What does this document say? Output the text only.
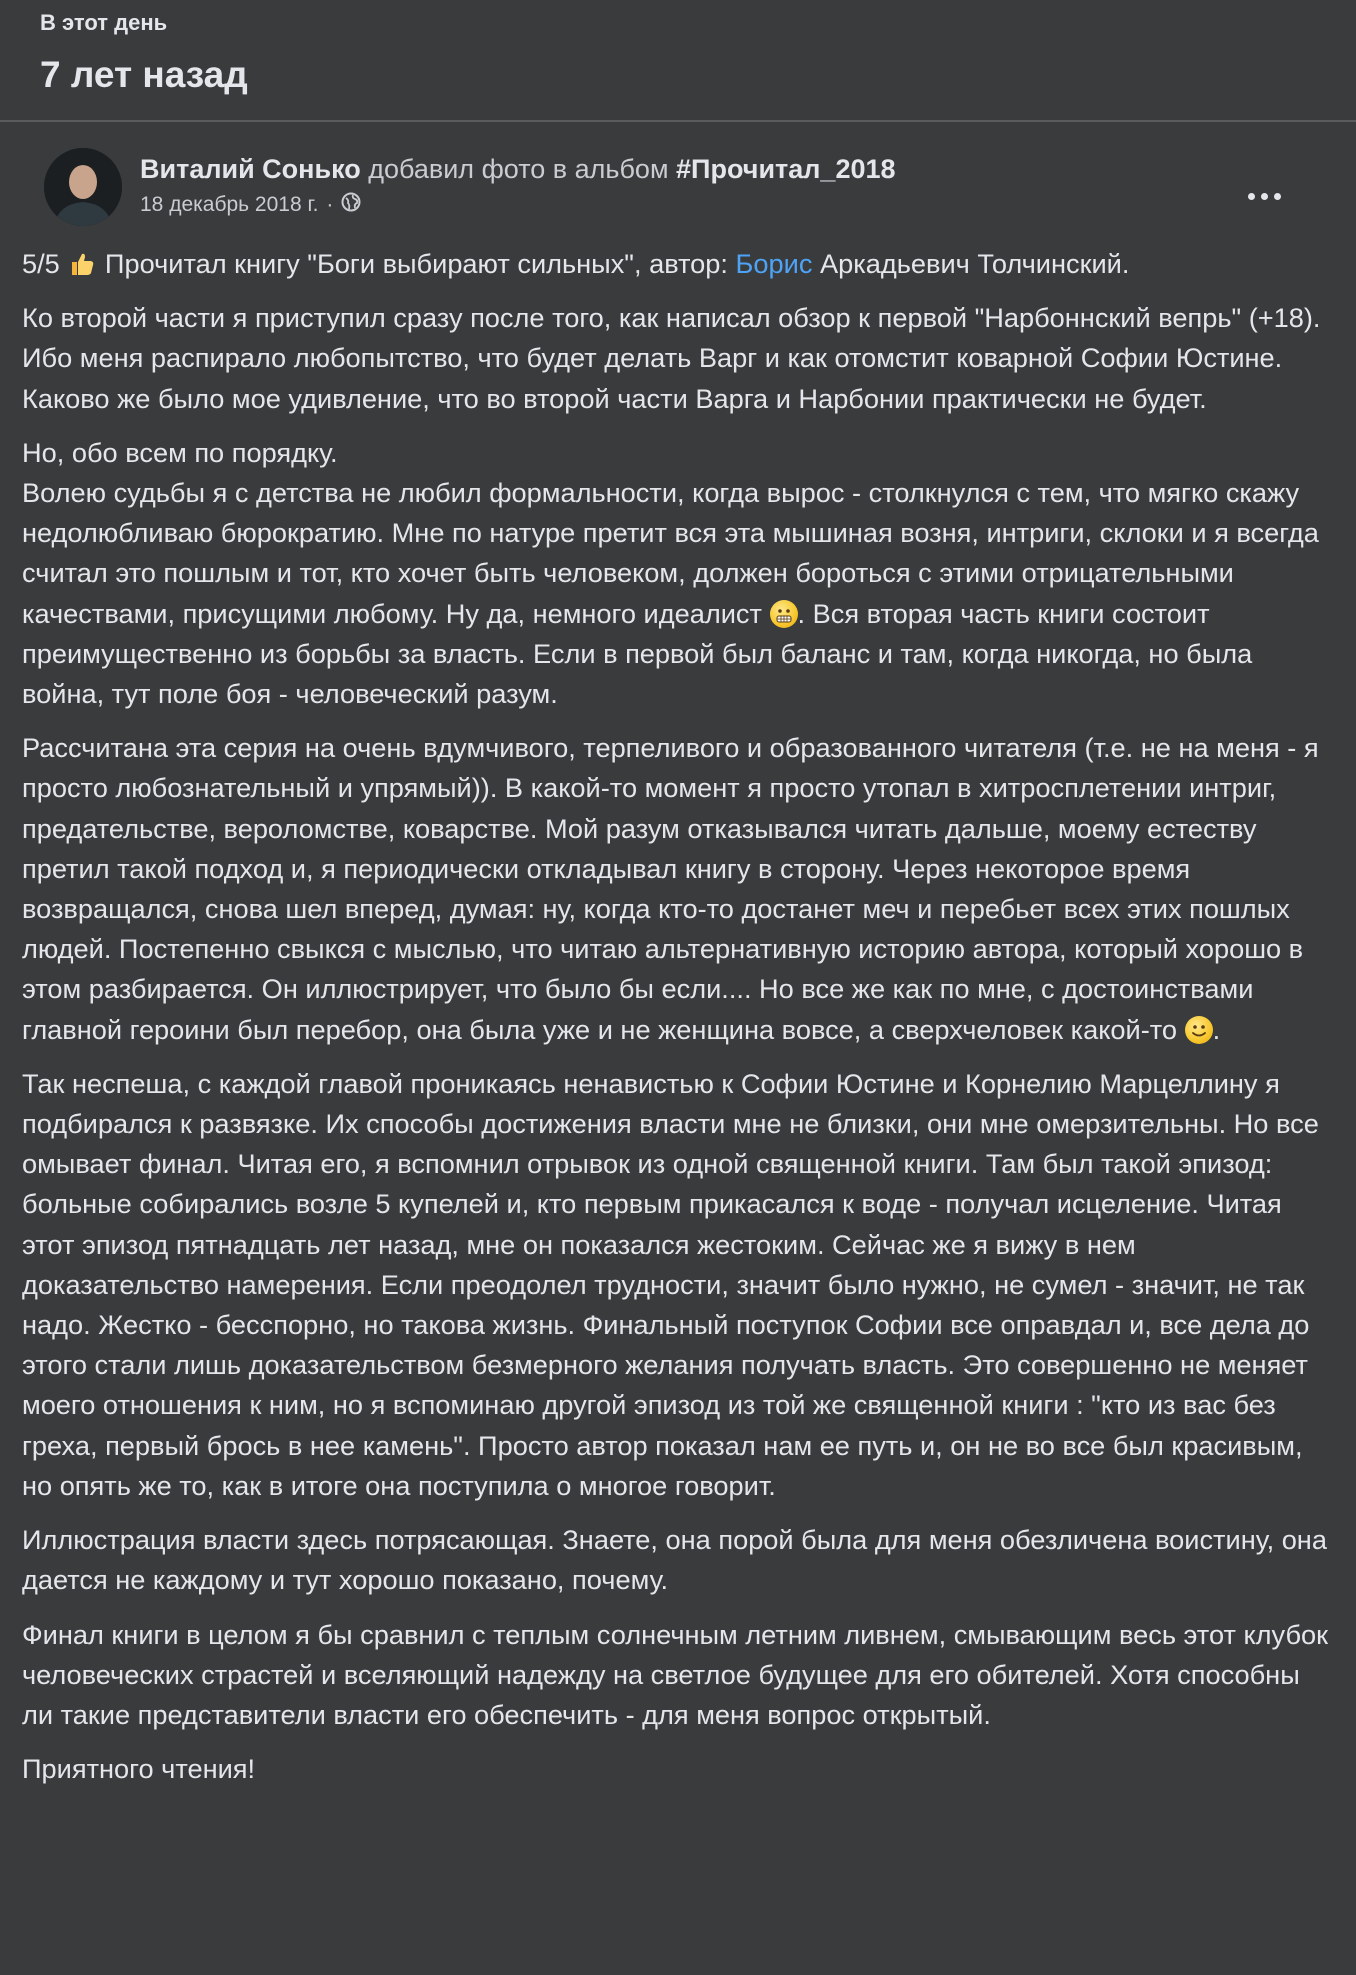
В этот день
7 лет назад
Виталий Сонько добавил фото в альбом #Прочитал_2018
18 декабрь 2018 г. ·

5/5 Прочитал книгу "Боги выбирают сильных", автор: Борис Аркадьевич Толчинский.

Ко второй части я приступил сразу после того, как написал обзор к первой "Нарбоннский вепрь" (+18). Ибо меня распирало любопытство, что будет делать Варг и как отомстит коварной Софии Юстине. Каково же было мое удивление, что во второй части Варга и Нарбонии практически не будет.

Но, обо всем по порядку.
Волею судьбы я с детства не любил формальности, когда вырос - столкнулся с тем, что мягко скажу недолюбливаю бюрократию. Мне по натуре претит вся эта мышиная возня, интриги, склоки и я всегда считал это пошлым и тот, кто хочет быть человеком, должен бороться с этими отрицательными качествами, присущими любому. Ну да, немного идеалист . Вся вторая часть книги состоит преимущественно из борьбы за власть. Если в первой был баланс и там, когда никогда, но была война, тут поле боя - человеческий разум.

Рассчитана эта серия на очень вдумчивого, терпеливого и образованного читателя (т.е. не на меня - я просто любознательный и упрямый)). В какой-то момент я просто утопал в хитросплетении интриг, предательстве, вероломстве, коварстве. Мой разум отказывался читать дальше, моему естеству претил такой подход и, я периодически откладывал книгу в сторону. Через некоторое время возвращался, снова шел вперед, думая: ну, когда кто-то достанет меч и перебьет всех этих пошлых людей. Постепенно свыкся с мыслью, что читаю альтернативную историю автора, который хорошо в этом разбирается. Он иллюстрирует, что было бы если.... Но все же как по мне, с достоинствами главной героини был перебор, она была уже и не женщина вовсе, а сверхчеловек какой-то .

Так неспеша, с каждой главой проникаясь ненавистью к Софии Юстине и Корнелию Марцеллину я подбирался к развязке. Их способы достижения власти мне не близки, они мне омерзительны. Но все омывает финал. Читая его, я вспомнил отрывок из одной священной книги. Там был такой эпизод: больные собирались возле 5 купелей и, кто первым прикасался к воде - получал исцеление. Читая этот эпизод пятнадцать лет назад, мне он показался жестоким. Сейчас же я вижу в нем доказательство намерения. Если преодолел трудности, значит было нужно, не сумел - значит, не так надо. Жестко - бесспорно, но такова жизнь. Финальный поступок Софии все оправдал и, все дела до этого стали лишь доказательством безмерного желания получать власть. Это совершенно не меняет моего отношения к ним, но я вспоминаю другой эпизод из той же священной книги : "кто из вас без греха, первый брось в нее камень". Просто автор показал нам ее путь и, он не во все был красивым, но опять же то, как в итоге она поступила о многое говорит.

Иллюстрация власти здесь потрясающая. Знаете, она порой была для меня обезличена воистину, она дается не каждому и тут хорошо показано, почему.

Финал книги в целом я бы сравнил с теплым солнечным летним ливнем, смывающим весь этот клубок человеческих страстей и вселяющий надежду на светлое будущее для его обителей. Хотя способны ли такие представители власти его обеспечить - для меня вопрос открытый.

Приятного чтения!
